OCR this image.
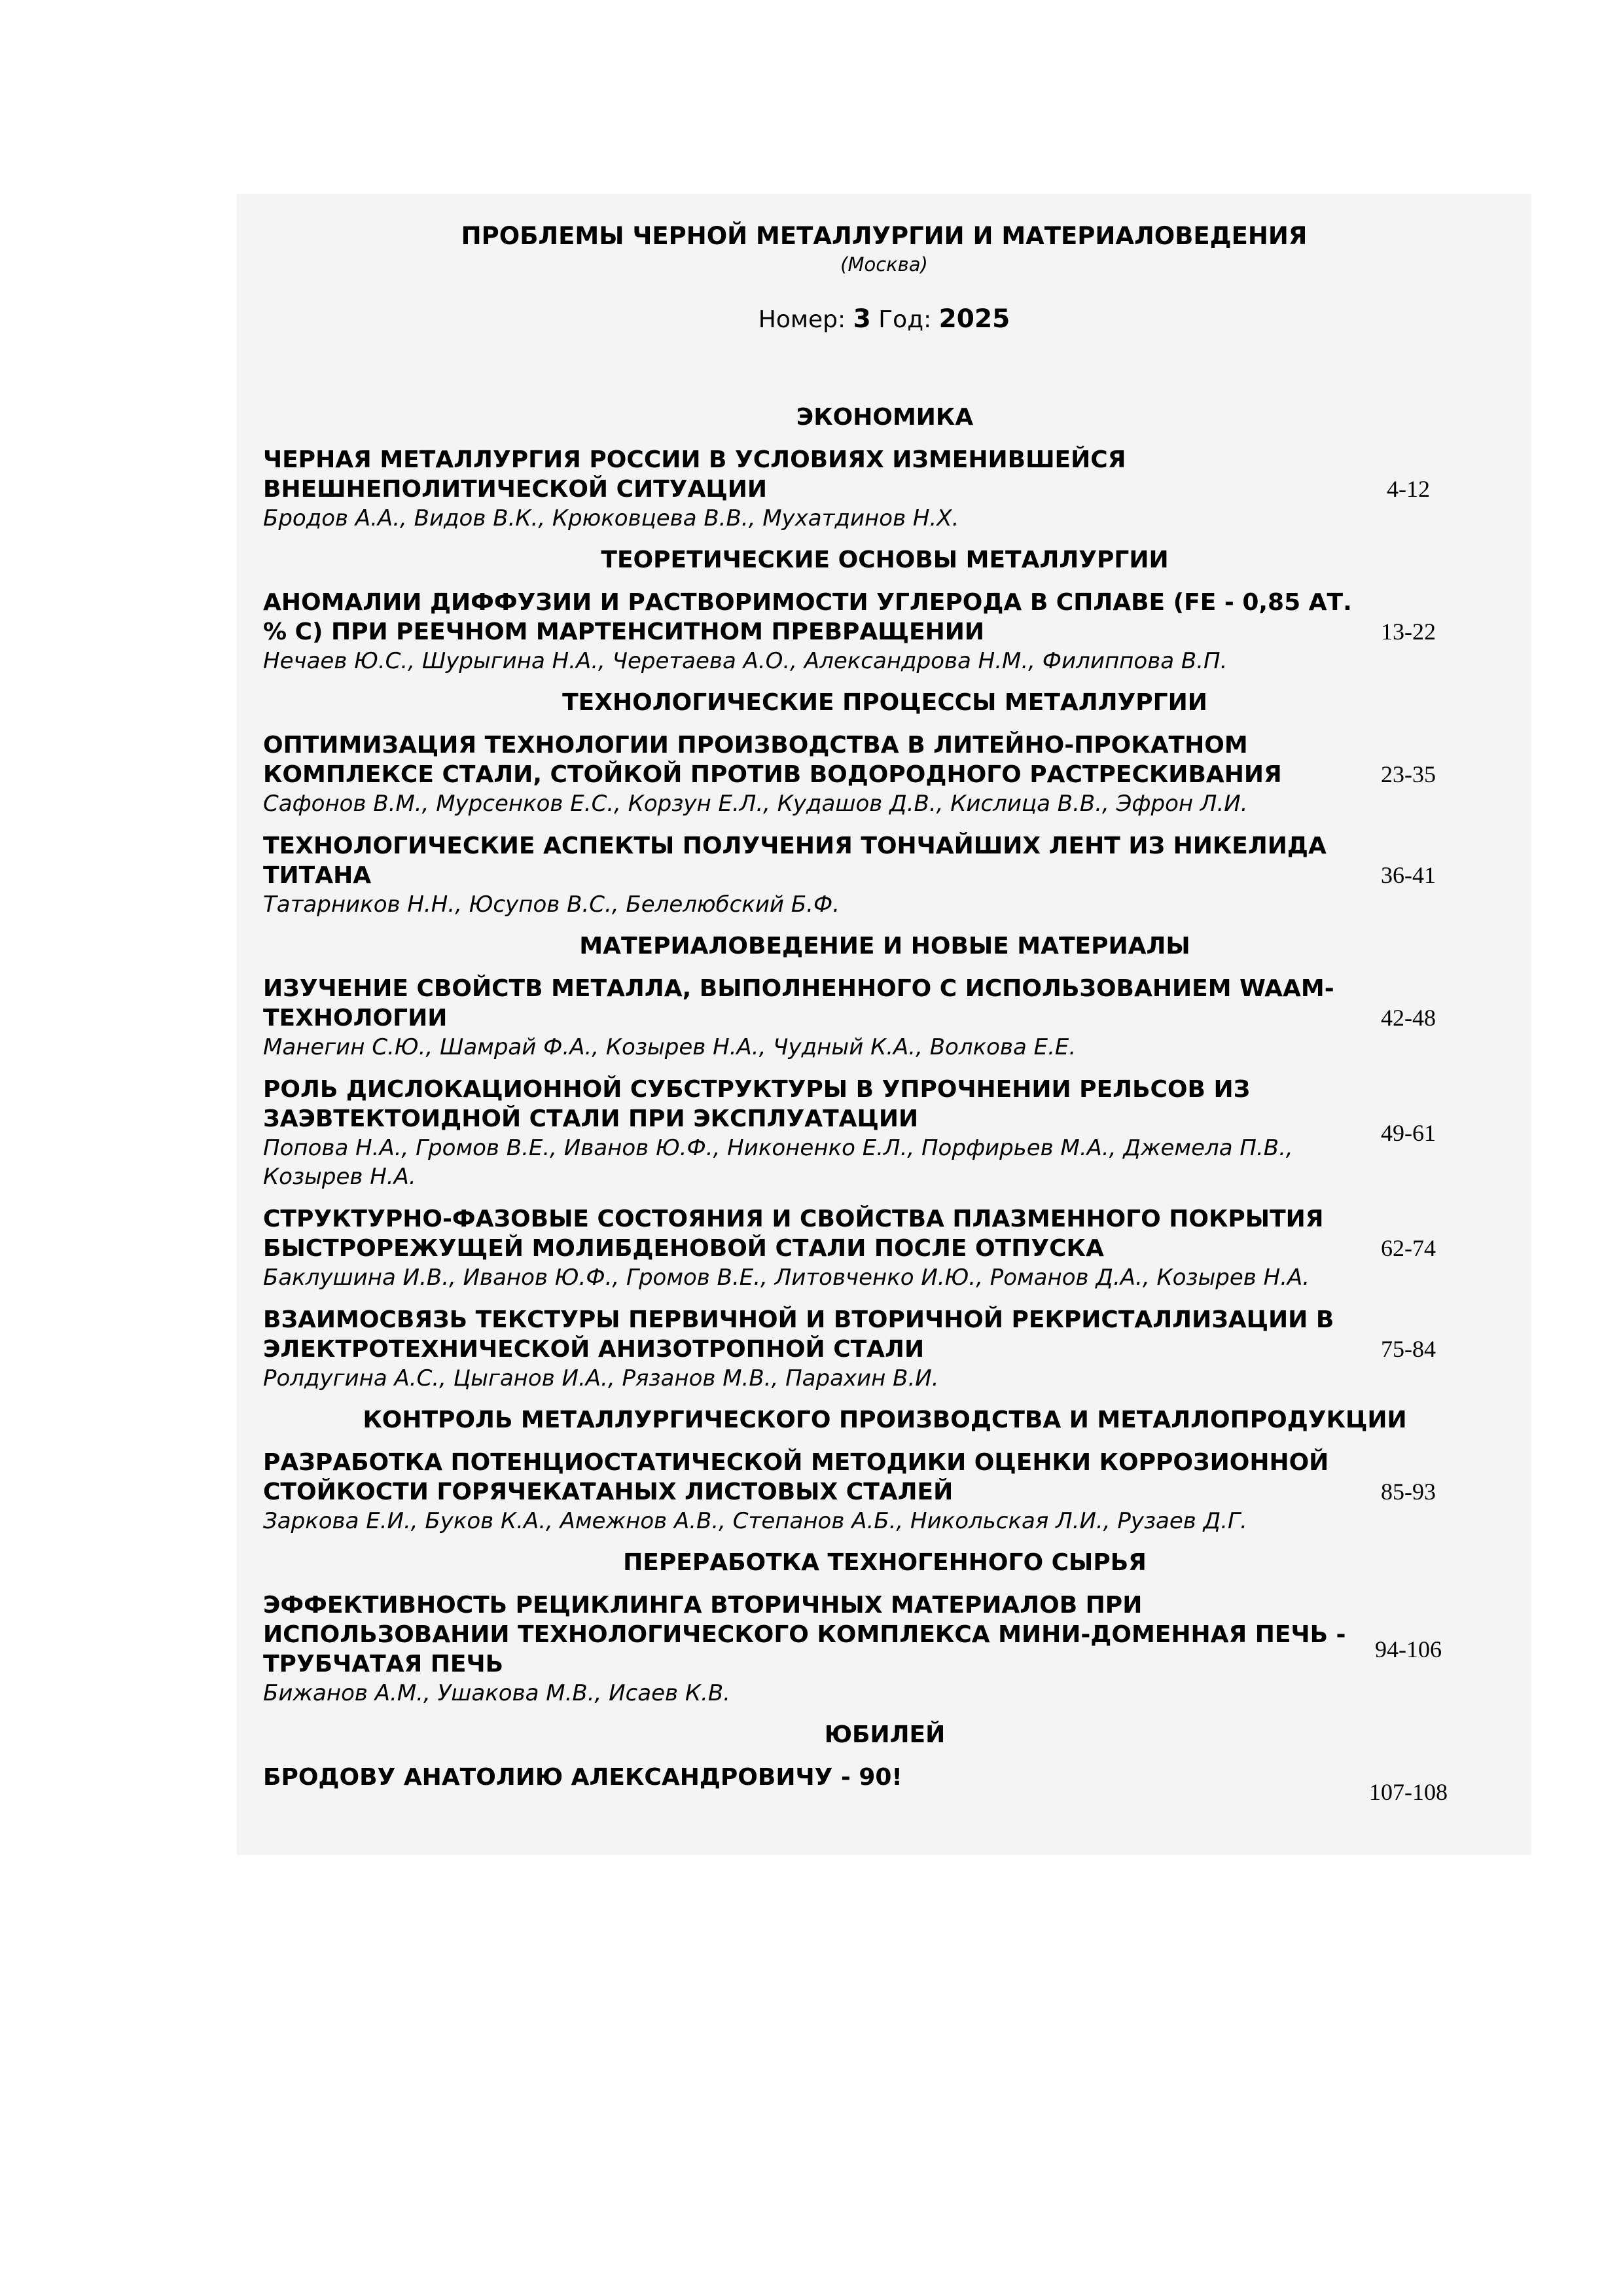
ПРОБЛЕМЫ ЧЕРНОЙ МЕТАЛЛУРГИИ И МАТЕРИАЛОВЕДЕНИЯ
(Москва)
Номер: 3 Год: 2025
ЭКОНОМИКА
ЧЕРНАЯ МЕТАЛЛУРГИЯ РОССИИ В УСЛОВИЯХ ИЗМЕНИВШЕЙСЯ ВНЕШНЕПОЛИТИЧЕСКОЙ СИТУАЦИИ
Бродов А.А., Видов В.К., Крюковцева В.В., Мухатдинов Н.Х.
4-12
ТЕОРЕТИЧЕСКИЕ ОСНОВЫ МЕТАЛЛУРГИИ
АНОМАЛИИ ДИФФУЗИИ И РАСТВОРИМОСТИ УГЛЕРОДА В СПЛАВЕ (FE - 0,85 АТ. % C) ПРИ РЕЕЧНОМ МАРТЕНСИТНОМ ПРЕВРАЩЕНИИ
Нечаев Ю.С., Шурыгина Н.А., Черетаева А.О., Александрова Н.М., Филиппова В.П.
13-22
ТЕХНОЛОГИЧЕСКИЕ ПРОЦЕССЫ МЕТАЛЛУРГИИ
ОПТИМИЗАЦИЯ ТЕХНОЛОГИИ ПРОИЗВОДСТВА В ЛИТЕЙНО-ПРОКАТНОМ КОМПЛЕКСЕ СТАЛИ, СТОЙКОЙ ПРОТИВ ВОДОРОДНОГО РАСТРЕСКИВАНИЯ
Сафонов В.М., Мурсенков Е.С., Корзун Е.Л., Кудашов Д.В., Кислица В.В., Эфрон Л.И.
23-35
ТЕХНОЛОГИЧЕСКИЕ АСПЕКТЫ ПОЛУЧЕНИЯ ТОНЧАЙШИХ ЛЕНТ ИЗ НИКЕЛИДА ТИТАНА
Татарников Н.Н., Юсупов В.С., Белелюбский Б.Ф.
36-41
МАТЕРИАЛОВЕДЕНИЕ И НОВЫЕ МАТЕРИАЛЫ
ИЗУЧЕНИЕ СВОЙСТВ МЕТАЛЛА, ВЫПОЛНЕННОГО С ИСПОЛЬЗОВАНИЕМ WAAM-ТЕХНОЛОГИИ
Манегин С.Ю., Шамрай Ф.А., Козырев Н.А., Чудный К.А., Волкова Е.Е.
42-48
РОЛЬ ДИСЛОКАЦИОННОЙ СУБСТРУКТУРЫ В УПРОЧНЕНИИ РЕЛЬСОВ ИЗ ЗАЭВТЕКТОИДНОЙ СТАЛИ ПРИ ЭКСПЛУАТАЦИИ
Попова Н.А., Громов В.Е., Иванов Ю.Ф., Никоненко Е.Л., Порфирьев М.А., Джемела П.В., Козырев Н.А.
49-61
СТРУКТУРНО-ФАЗОВЫЕ СОСТОЯНИЯ И СВОЙСТВА ПЛАЗМЕННОГО ПОКРЫТИЯ БЫСТРОРЕЖУЩЕЙ МОЛИБДЕНОВОЙ СТАЛИ ПОСЛЕ ОТПУСКА
Баклушина И.В., Иванов Ю.Ф., Громов В.Е., Литовченко И.Ю., Романов Д.А., Козырев Н.А.
62-74
ВЗАИМОСВЯЗЬ ТЕКСТУРЫ ПЕРВИЧНОЙ И ВТОРИЧНОЙ РЕКРИСТАЛЛИЗАЦИИ В ЭЛЕКТРОТЕХНИЧЕСКОЙ АНИЗОТРОПНОЙ СТАЛИ
Ролдугина А.С., Цыганов И.А., Рязанов М.В., Парахин В.И.
75-84
КОНТРОЛЬ МЕТАЛЛУРГИЧЕСКОГО ПРОИЗВОДСТВА И МЕТАЛЛОПРОДУКЦИИ
РАЗРАБОТКА ПОТЕНЦИОСТАТИЧЕСКОЙ МЕТОДИКИ ОЦЕНКИ КОРРОЗИОННОЙ СТОЙКОСТИ ГОРЯЧЕКАТАНЫХ ЛИСТОВЫХ СТАЛЕЙ
Заркова Е.И., Буков К.А., Амежнов А.В., Степанов А.Б., Никольская Л.И., Рузаев Д.Г.
85-93
ПЕРЕРАБОТКА ТЕХНОГЕННОГО СЫРЬЯ
ЭФФЕКТИВНОСТЬ РЕЦИКЛИНГА ВТОРИЧНЫХ МАТЕРИАЛОВ ПРИ ИСПОЛЬЗОВАНИИ ТЕХНОЛОГИЧЕСКОГО КОМПЛЕКСА МИНИ-ДОМЕННАЯ ПЕЧЬ - ТРУБЧАТАЯ ПЕЧЬ
Бижанов А.М., Ушакова М.В., Исаев К.В.
94-106
ЮБИЛЕЙ
БРОДОВУ АНАТОЛИЮ АЛЕКСАНДРОВИЧУ - 90!
107-108
